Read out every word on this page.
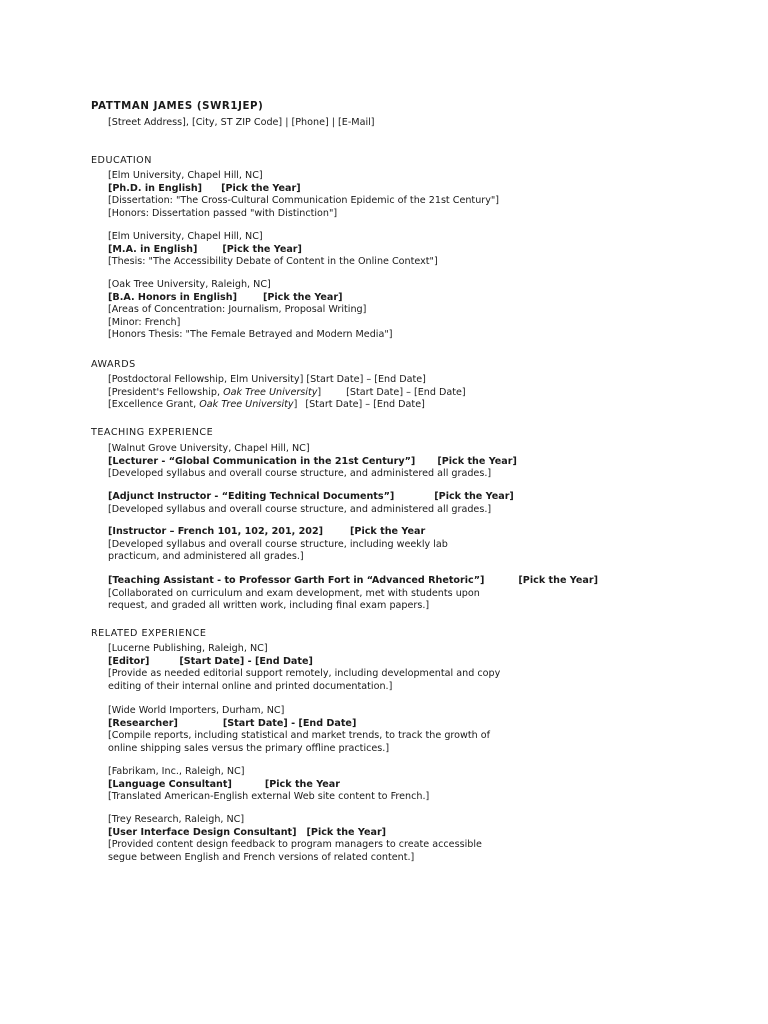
PATTMAN JAMES (SWR1JEP)
[Street Address], [City, ST ZIP Code] | [Phone] | [E-Mail]
EDUCATION
[Elm University, Chapel Hill, NC]
[Ph.D. in English] [Pick the Year]
[Dissertation: "The Cross-Cultural Communication Epidemic of the 21st Century"]
[Honors: Dissertation passed "with Distinction"]
[Elm University, Chapel Hill, NC]
[M.A. in English]	[Pick the Year]
[Thesis: "The Accessibility Debate of Content in the Online Context"]
[Oak Tree University, Raleigh, NC]
[B.A. Honors in English]	[Pick the Year]
[Areas of Concentration: Journalism, Proposal Writing]
[Minor: French]
[Honors Thesis: "The Female Betrayed and Modern Media"]
AWARDS
[Postdoctoral Fellowship, Elm University] [Start Date] – [End Date]
[President's Fellowship, Oak Tree University]	[Start Date] – [End Date]
[Excellence Grant, Oak Tree University] [Start Date] – [End Date]
TEACHING EXPERIENCE
[Walnut Grove University, Chapel Hill, NC]
[Lecturer - “Global Communication in the 21st Century”] [Pick the Year]
[Developed syllabus and overall course structure, and administered all grades.]
[Adjunct Instructor - “Editing Technical Documents”]	[Pick the Year]
[Developed syllabus and overall course structure, and administered all grades.]
[Instructor – French 101, 102, 201, 202]	[Pick the Year
[Developed syllabus and overall course structure, including weekly lab
practicum, and administered all grades.]
[Teaching Assistant - to Professor Garth Fort in “Advanced Rhetoric”]	[Pick the Year]
[Collaborated on curriculum and exam development, met with students upon
request, and graded all written work, including final exam papers.]
RELATED EXPERIENCE
[Lucerne Publishing, Raleigh, NC]
[Editor]	[Start Date] - [End Date]
[Provide as needed editorial support remotely, including developmental and copy
editing of their internal online and printed documentation.]
[Wide World Importers, Durham, NC]
[Researcher]	[Start Date] - [End Date]
[Compile reports, including statistical and market trends, to track the growth of
online shipping sales versus the primary offline practices.]
[Fabrikam, Inc., Raleigh, NC]
[Language Consultant]	[Pick the Year
[Translated American-English external Web site content to French.]
[Trey Research, Raleigh, NC]
[User Interface Design Consultant] [Pick the Year]
[Provided content design feedback to program managers to create accessible
segue between English and French versions of related content.]
